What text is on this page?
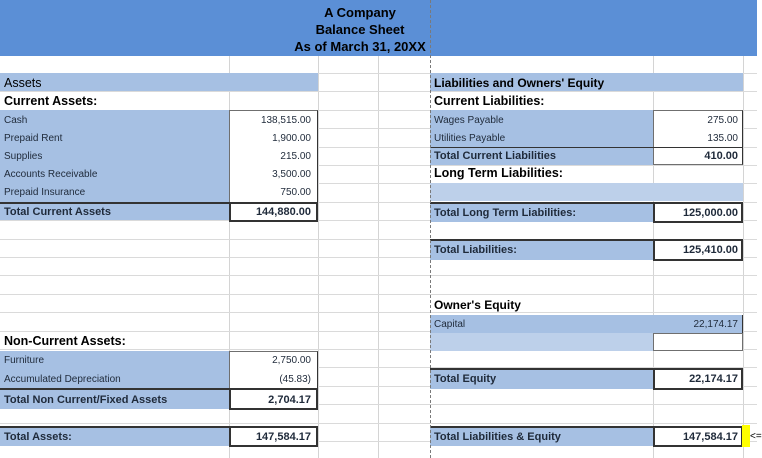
A Company
Balance Sheet
As of March 31, 20XX
Assets
Current Assets:
Cash	138,515.00
Prepaid Rent	1,900.00
Supplies	215.00
Accounts Receivable	3,500.00
Prepaid Insurance	750.00
Total Current Assets	144,880.00
Non-Current Assets:
Furniture	2,750.00
Accumulated Depreciation	(45.83)
Total Non Current/Fixed Assets	2,704.17
Total Assets:	147,584.17
Liabilities and Owners' Equity
Current Liabilities:
Wages Payable	275.00
Utilities Payable	135.00
Total Current Liabilities	410.00
Long Term Liabilities:
Total Long Term Liabilities:	125,000.00
Total Liabilities:	125,410.00
Owner's Equity
Capital	22,174.17
Total Equity	22,174.17
Total Liabilities & Equity	147,584.17 <=
